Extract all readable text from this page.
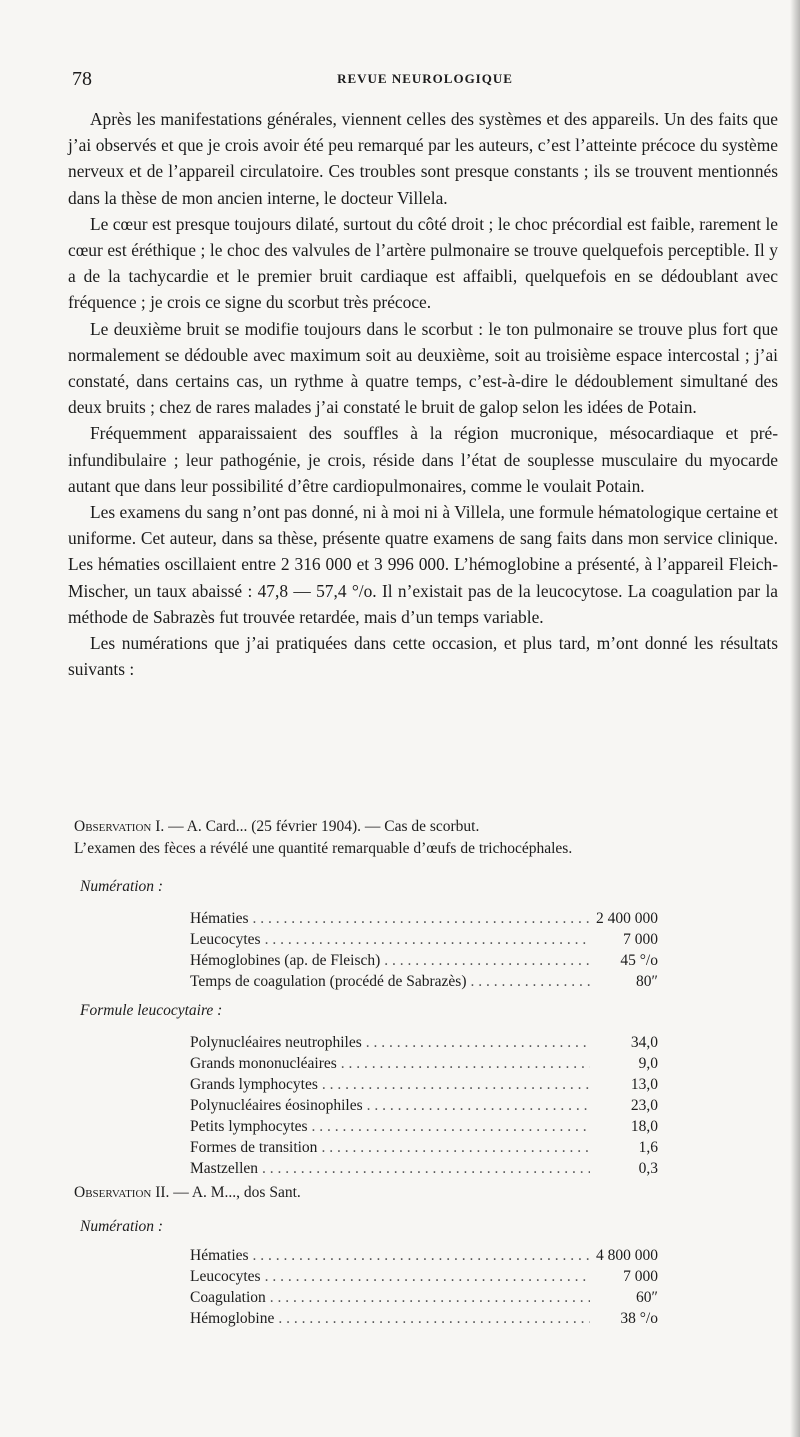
78	REVUE NEUROLOGIQUE

Après les manifestations générales, viennent celles des systèmes et des appareils. Un des faits que j’ai observés et que je crois avoir été peu remarqué par les auteurs, c’est l’atteinte précoce du système nerveux et de l’appareil circulatoire. Ces troubles sont presque constants ; ils se trouvent mentionnés dans la thèse de mon ancien interne, le docteur Villela.

Le cœur est presque toujours dilaté, surtout du côté droit ; le choc précordial est faible, rarement le cœur est éréthique ; le choc des valvules de l’artère pulmonaire se trouve quelquefois perceptible. Il y a de la tachycardie et le premier bruit cardiaque est affaibli, quelquefois en se dédoublant avec fréquence ; je crois ce signe du scorbut très précoce.

Le deuxième bruit se modifie toujours dans le scorbut : le ton pulmonaire se trouve plus fort que normalement se dédouble avec maximum soit au deuxième, soit au troisième espace intercostal ; j’ai constaté, dans certains cas, un rythme à quatre temps, c’est-à-dire le dédoublement simultané des deux bruits ; chez de rares malades j’ai constaté le bruit de galop selon les idées de Potain.

Fréquemment apparaissaient des souffles à la région mucronique, mésocardiaque et pré-infundibulaire ; leur pathogénie, je crois, réside dans l’état de souplesse musculaire du myocarde autant que dans leur possibilité d’être cardiopulmonaires, comme le voulait Potain.

Les examens du sang n’ont pas donné, ni à moi ni à Villela, une formule hématologique certaine et uniforme. Cet auteur, dans sa thèse, présente quatre examens de sang faits dans mon service clinique. Les hématies oscillaient entre 2 316 000 et 3 996 000. L’hémoglobine a présenté, à l’appareil Fleich-Mischer, un taux abaissé : 47,8 — 57,4 °/o. Il n’existait pas de la leucocytose. La coagulation par la méthode de Sabrazès fut trouvée retardée, mais d’un temps variable.

Les numérations que j’ai pratiquées dans cette occasion, et plus tard, m’ont donné les résultats suivants :

Observation I. — A. Card... (25 février 1904). — Cas de scorbut.
L’examen des fèces a révélé une quantité remarquable d’œufs de trichocéphales.
Numération :
Hématies . . .	2 400 000
Leucocytes . . .	7 000
Hémoglobines (ap. de Fleisch) . . .	45 °/o
Temps de coagulation (procédé de Sabrazès) . . .	80″
Formule leucocytaire :
Polynucléaires neutrophiles . . .	34,0
Grands mononucléaires . . .	9,0
Grands lymphocytes . . .	13,0
Polynucléaires éosinophiles . . .	23,0
Petits lymphocytes . . .	18,0
Formes de transition . . .	1,6
Mastzellen . . .	0,3
Observation II. — A. M..., dos Sant.
Numération :
Hématies . . .	4 800 000
Leucocytes . . .	7 000
Coagulation . . .	60″
Hémoglobine . . .	38 °/o
